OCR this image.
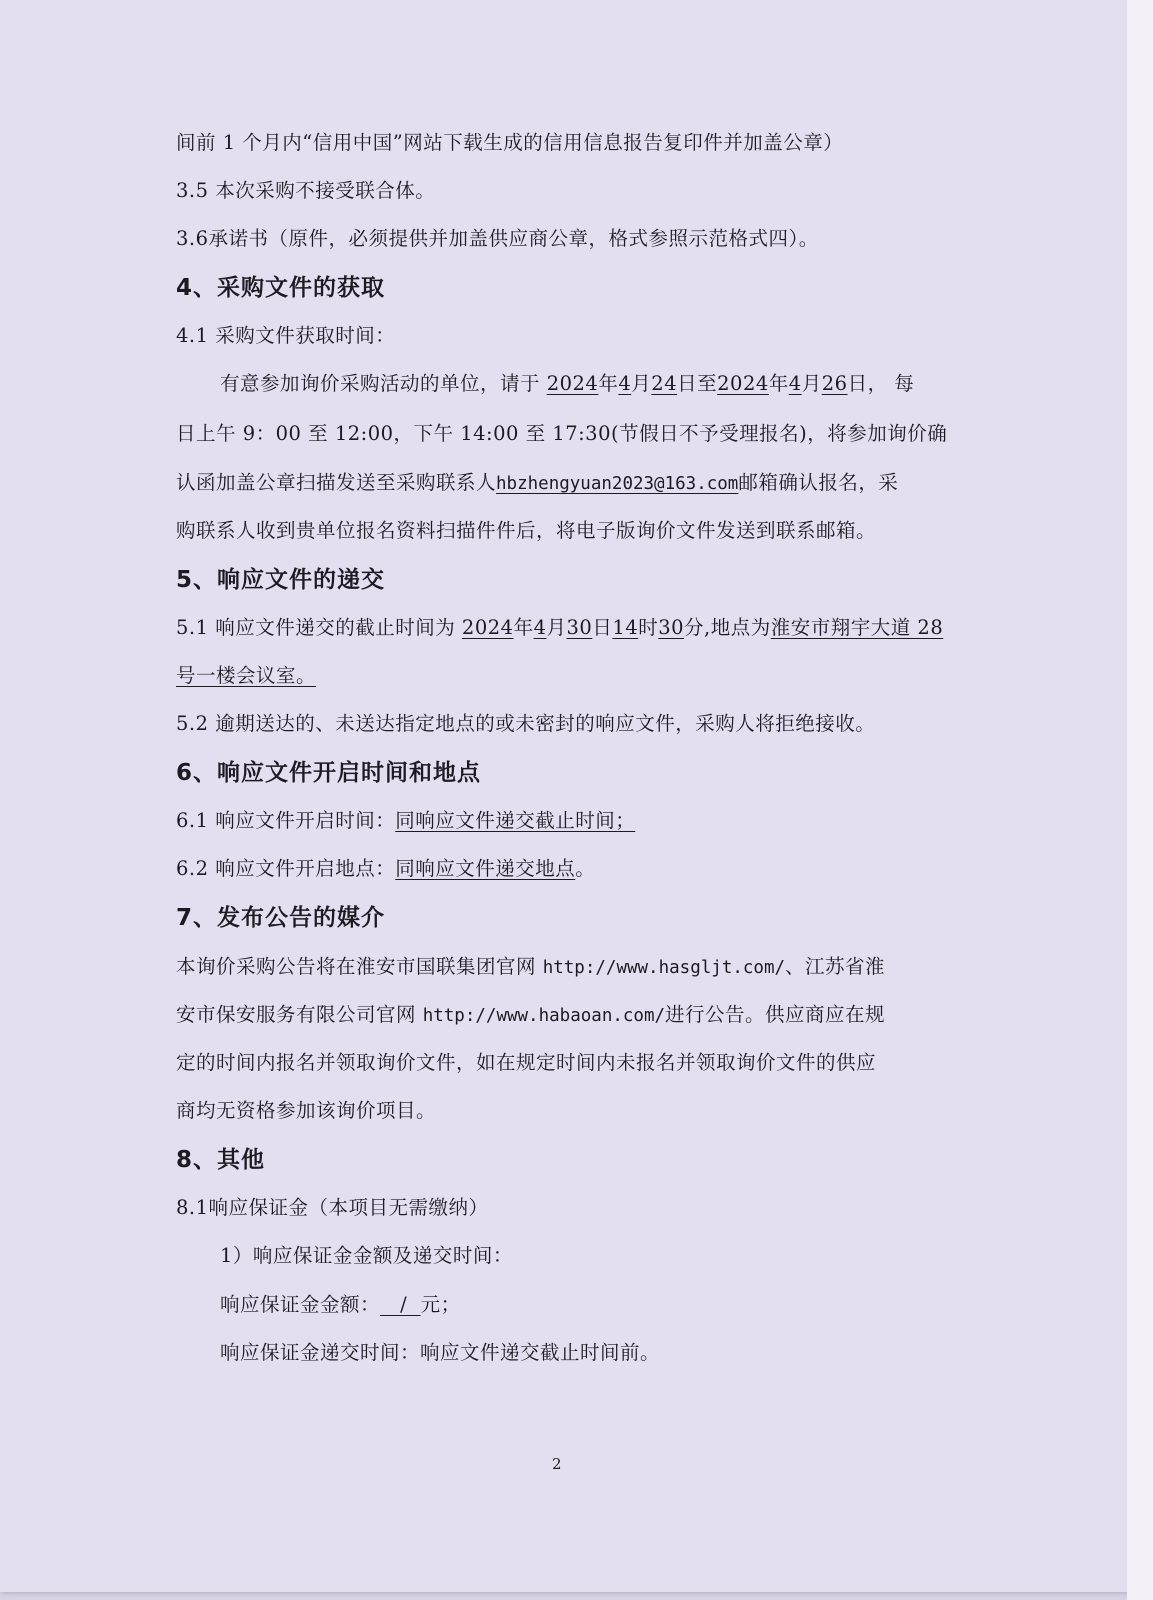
间前 1 个月内“信用中国”网站下载生成的信用信息报告复印件并加盖公章）
3.5 本次采购不接受联合体。
3.6承诺书（原件，必须提供并加盖供应商公章，格式参照示范格式四）。
4、采购文件的获取
4.1 采购文件获取时间：
有意参加询价采购活动的单位，请于 2024年4月24日至2024年4月26日， 每
日上午 9：00 至 12:00，下午 14:00 至 17:30(节假日不予受理报名)，将参加询价确
认函加盖公章扫描发送至采购联系人hbzhengyuan2023@163.com邮箱确认报名，采
购联系人收到贵单位报名资料扫描件件后，将电子版询价文件发送到联系邮箱。
5、响应文件的递交
5.1 响应文件递交的截止时间为 2024年4月30日14时30分,地点为淮安市翔宇大道 28
号一楼会议室。
5.2 逾期送达的、未送达指定地点的或未密封的响应文件，采购人将拒绝接收。
6、响应文件开启时间和地点
6.1 响应文件开启时间：同响应文件递交截止时间；
6.2 响应文件开启地点：同响应文件递交地点。
7、发布公告的媒介
本询价采购公告将在淮安市国联集团官网 http://www.hasgljt.com/、江苏省淮
安市保安服务有限公司官网 http://www.habaoan.com/进行公告。供应商应在规
定的时间内报名并领取询价文件，如在规定时间内未报名并领取询价文件的供应
商均无资格参加该询价项目。
8、其他
8.1响应保证金（本项目无需缴纳）
1）响应保证金金额及递交时间：
响应保证金金额：   /  元；
响应保证金递交时间：响应文件递交截止时间前。
2
